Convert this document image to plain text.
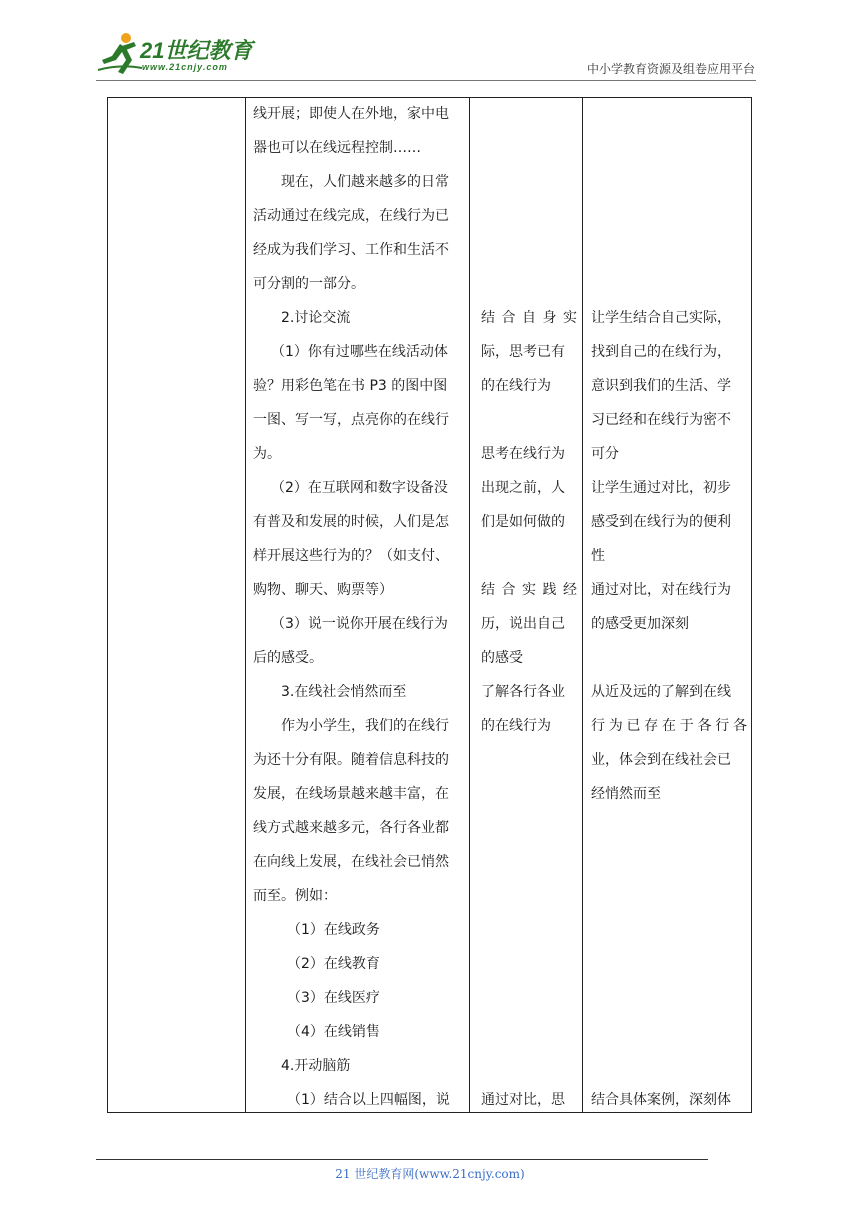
21世纪教育
www.21cnjy.com	中小学教育资源及组卷应用平台
线开展；即使人在外地，家中电
器也可以在线远程控制……
现在，人们越来越多的日常
活动通过在线完成，在线行为已
经成为我们学习、工作和生活不
可分割的一部分。
2.讨论交流
（1）你有过哪些在线活动体
验？用彩色笔在书 P3 的图中图
一图、写一写，点亮你的在线行
为。
（2）在互联网和数字设备没
有普及和发展的时候，人们是怎
样开展这些行为的？（如支付、
购物、聊天、购票等）
（3）说一说你开展在线行为
后的感受。
3.在线社会悄然而至
作为小学生，我们的在线行
为还十分有限。随着信息科技的
发展，在线场景越来越丰富，在
线方式越来越多元，各行各业都
在向线上发展，在线社会已悄然
而至。例如：
（1）在线政务
（2）在线教育
（3）在线医疗
（4）在线销售
4.开动脑筋
（1）结合以上四幅图，说
结 合 自 身 实
际，思考已有
的在线行为
思考在线行为
出现之前，人
们是如何做的
结 合 实 践 经
历，说出自己
的感受
了解各行各业
的在线行为
通过对比，思
让学生结合自己实际，
找到自己的在线行为，
意识到我们的生活、学
习已经和在线行为密不
可分
让学生通过对比，初步
感受到在线行为的便利
性
通过对比，对在线行为
的感受更加深刻
从近及远的了解到在线
行为已存在于各行各
业，体会到在线社会已
经悄然而至
结合具体案例，深刻体
21 世纪教育网(www.21cnjy.com)
